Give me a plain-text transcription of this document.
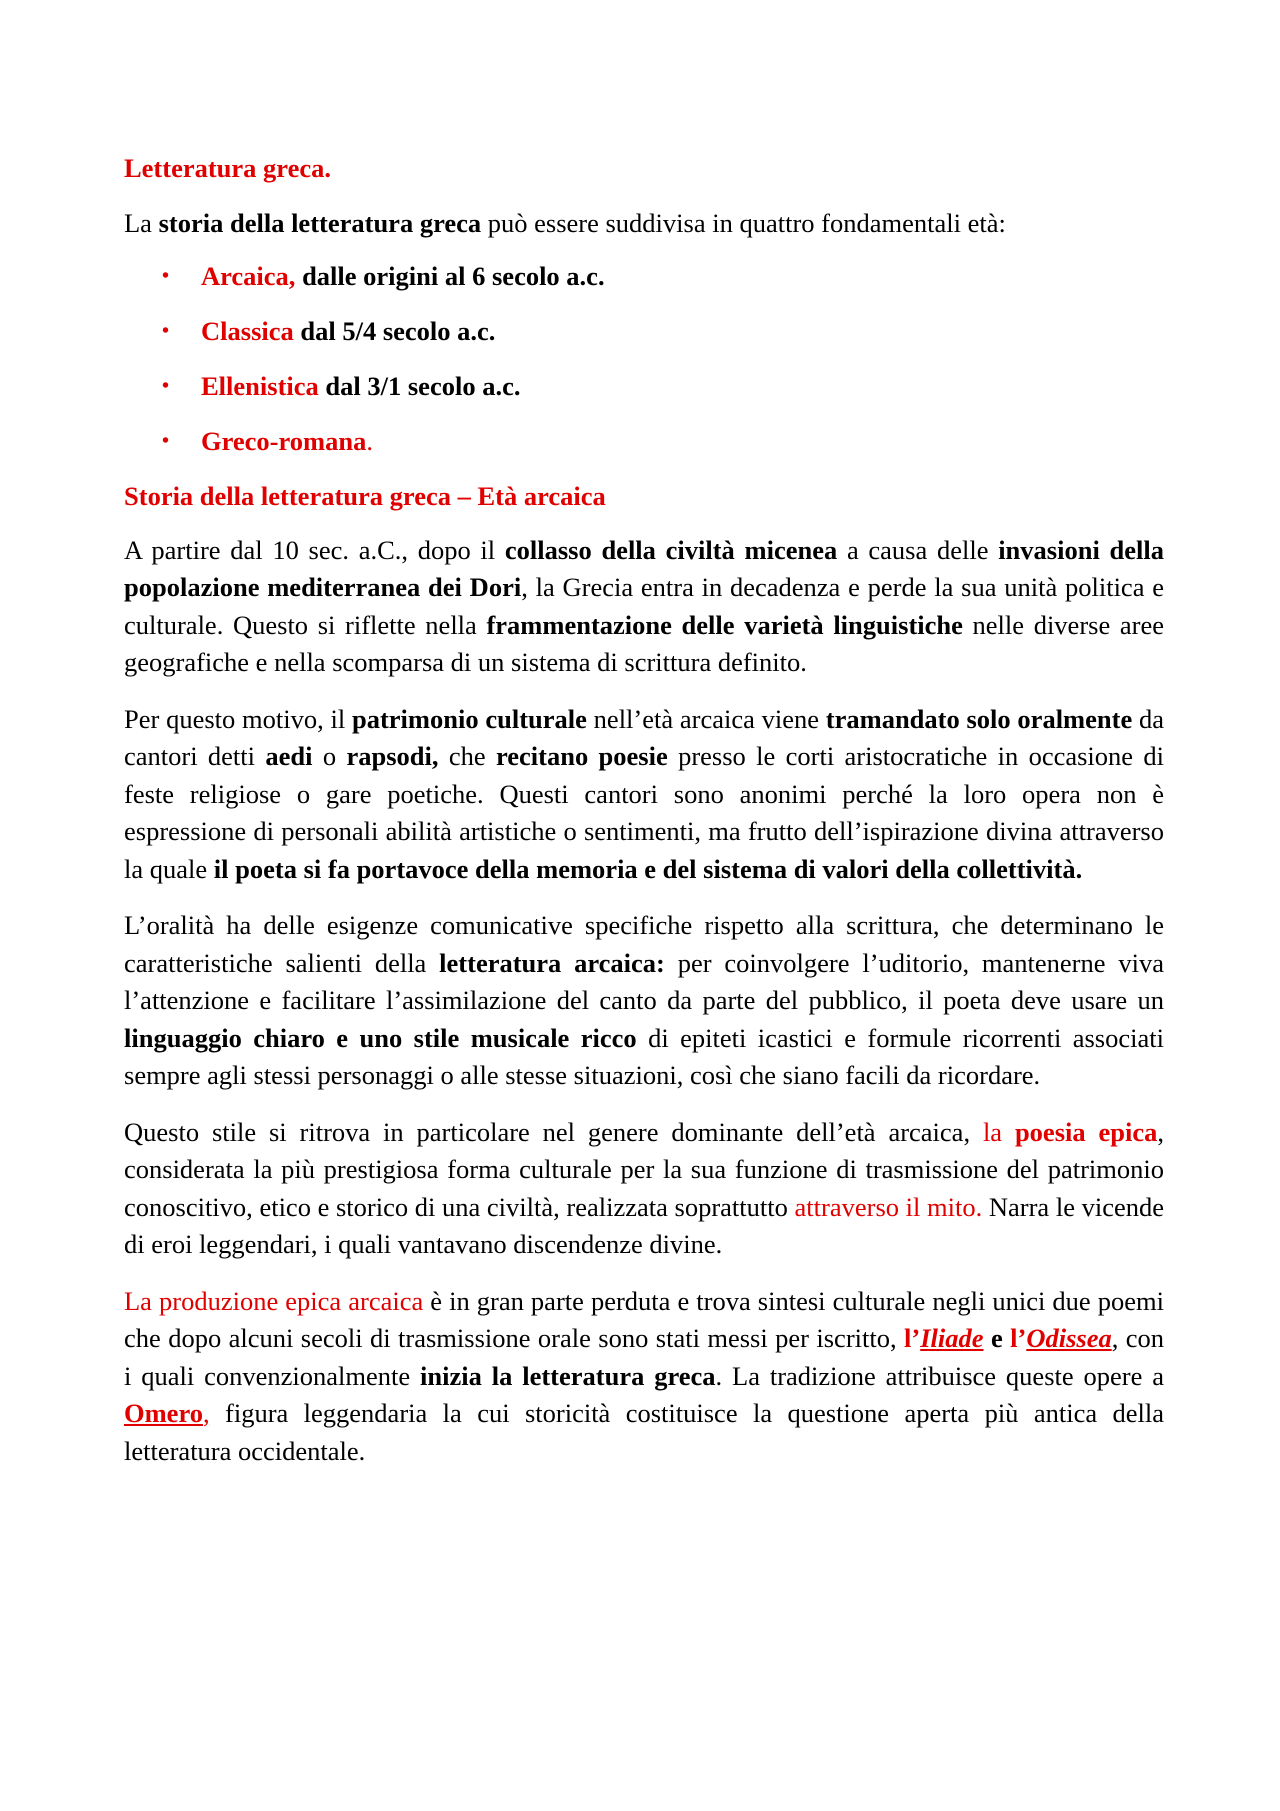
Letteratura greca.

La storia della letteratura greca può essere suddivisa in quattro fondamentali età:

• Arcaica, dalle origini al 6 secolo a.c.
• Classica dal 5/4 secolo a.c.
• Ellenistica dal 3/1 secolo a.c.
• Greco-romana.
Storia della letteratura greca – Età arcaica

A partire dal 10 sec. a.C., dopo il collasso della civiltà micenea a causa delle invasioni della popolazione mediterranea dei Dori, la Grecia entra in decadenza e perde la sua unità politica e culturale. Questo si riflette nella frammentazione delle varietà linguistiche nelle diverse aree geografiche e nella scomparsa di un sistema di scrittura definito.

Per questo motivo, il patrimonio culturale nell’età arcaica viene tramandato solo oralmente da cantori detti aedi o rapsodi, che recitano poesie presso le corti aristocratiche in occasione di feste religiose o gare poetiche. Questi cantori sono anonimi perché la loro opera non è espressione di personali abilità artistiche o sentimenti, ma frutto dell’ispirazione divina attraverso la quale il poeta si fa portavoce della memoria e del sistema di valori della collettività.

L’oralità ha delle esigenze comunicative specifiche rispetto alla scrittura, che determinano le caratteristiche salienti della letteratura arcaica: per coinvolgere l’uditorio, mantenerne viva l’attenzione e facilitare l’assimilazione del canto da parte del pubblico, il poeta deve usare un linguaggio chiaro e uno stile musicale ricco di epiteti icastici e formule ricorrenti associati sempre agli stessi personaggi o alle stesse situazioni, così che siano facili da ricordare.

Questo stile si ritrova in particolare nel genere dominante dell’età arcaica, la poesia epica, considerata la più prestigiosa forma culturale per la sua funzione di trasmissione del patrimonio conoscitivo, etico e storico di una civiltà, realizzata soprattutto attraverso il mito. Narra le vicende di eroi leggendari, i quali vantavano discendenze divine.

La produzione epica arcaica è in gran parte perduta e trova sintesi culturale negli unici due poemi che dopo alcuni secoli di trasmissione orale sono stati messi per iscritto, l’Iliade e l’Odissea, con i quali convenzionalmente inizia la letteratura greca. La tradizione attribuisce queste opere a Omero, figura leggendaria la cui storicità costituisce la questione aperta più antica della letteratura occidentale.
